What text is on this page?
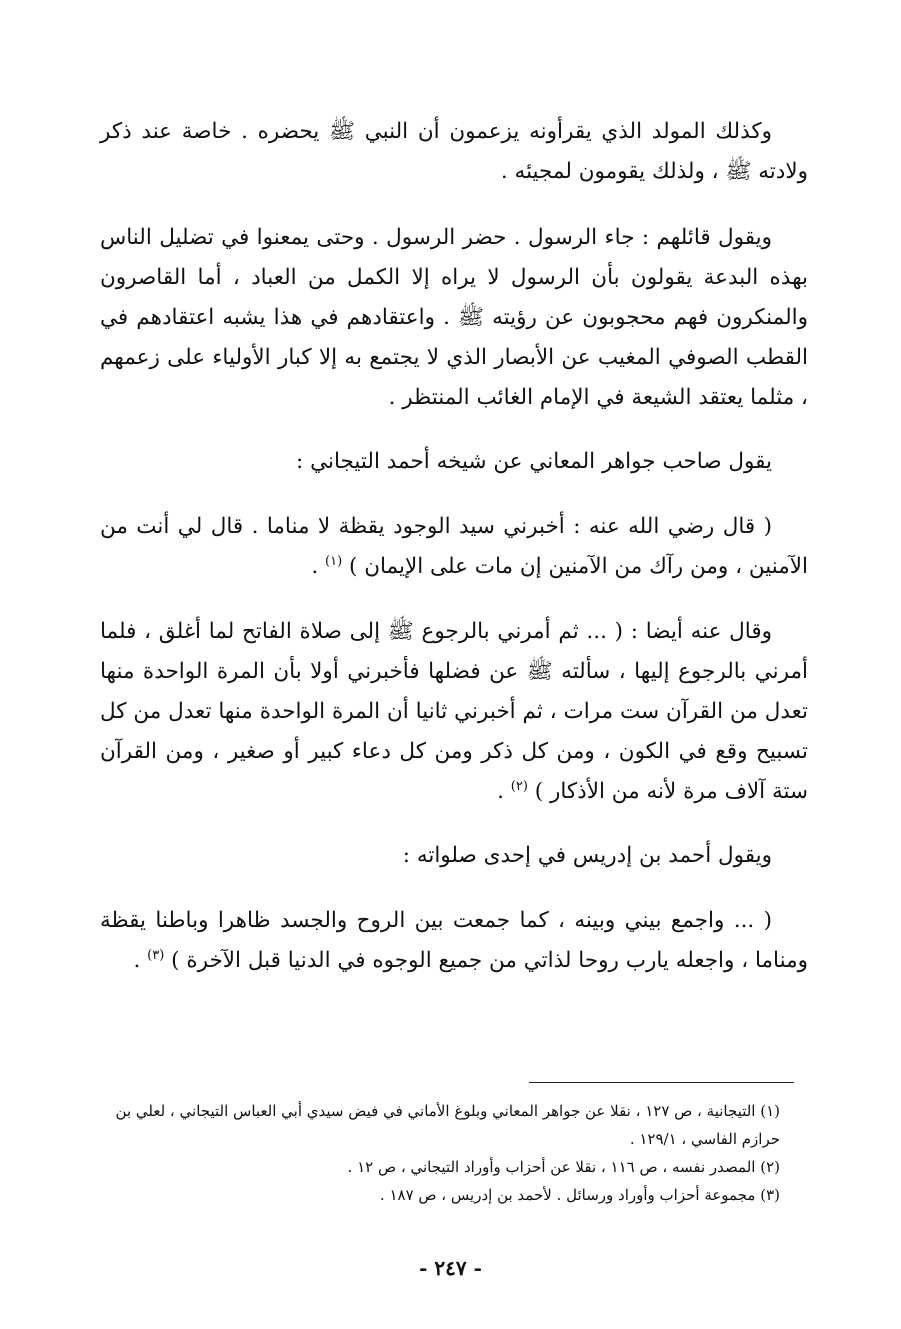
وكذلك المولد الذي يقرأونه يزعمون أن النبي ﷺ يحضره . خاصة عند ذكر ولادته ﷺ ، ولذلك يقومون لمجيئه .

ويقول قائلهم : جاء الرسول . حضر الرسول . وحتى يمعنوا في تضليل الناس بهذه البدعة يقولون بأن الرسول لا يراه إلا الكمل من العباد ، أما القاصرون والمنكرون فهم محجوبون عن رؤيته ﷺ . واعتقادهم في هذا يشبه اعتقادهم في القطب الصوفي المغيب عن الأبصار الذي لا يجتمع به إلا كبار الأولياء على زعمهم ، مثلما يعتقد الشيعة في الإمام الغائب المنتظر .

يقول صاحب جواهر المعاني عن شيخه أحمد التيجاني :

( قال رضي الله عنه : أخبرني سيد الوجود يقظة لا مناما . قال لي أنت من الآمنين ، ومن رآك من الآمنين إن مات على الإيمان ) $^{(١)}$ .

وقال عنه أيضا : ( ... ثم أمرني بالرجوع ﷺ إلى صلاة الفاتح لما أغلق ، فلما أمرني بالرجوع إليها ، سألته ﷺ عن فضلها فأخبرني أولا بأن المرة الواحدة منها تعدل من القرآن ست مرات ، ثم أخبرني ثانيا أن المرة الواحدة منها تعدل من كل تسبيح وقع في الكون ، ومن كل ذكر ومن كل دعاء كبير أو صغير ، ومن القرآن ستة آلاف مرة لأنه من الأذكار ) $^{(٢)}$ .

ويقول أحمد بن إدريس في إحدى صلواته :

( ... واجمع بيني وبينه ، كما جمعت بين الروح والجسد ظاهرا وباطنا يقظة ومناما ، واجعله يارب روحا لذاتي من جميع الوجوه في الدنيا قبل الآخرة ) $^{(٣)}$ .

(١) التيجانية ، ص ١٢٧ ، نقلا عن جواهر المعاني وبلوغ الأماني في فيض سيدي أبي العباس التيجاني ، لعلي بن حرازم الفاسي ، ١٢٩/١ .

(٢) المصدر نفسه ، ص ١١٦ ، نقلا عن أحزاب وأوراد التيجاني ، ص ١٢ .

(٣) مجموعة أحزاب وأوراد ورسائل . لأحمد بن إدريس ، ص ١٨٧ .

- ٢٤٧ -
